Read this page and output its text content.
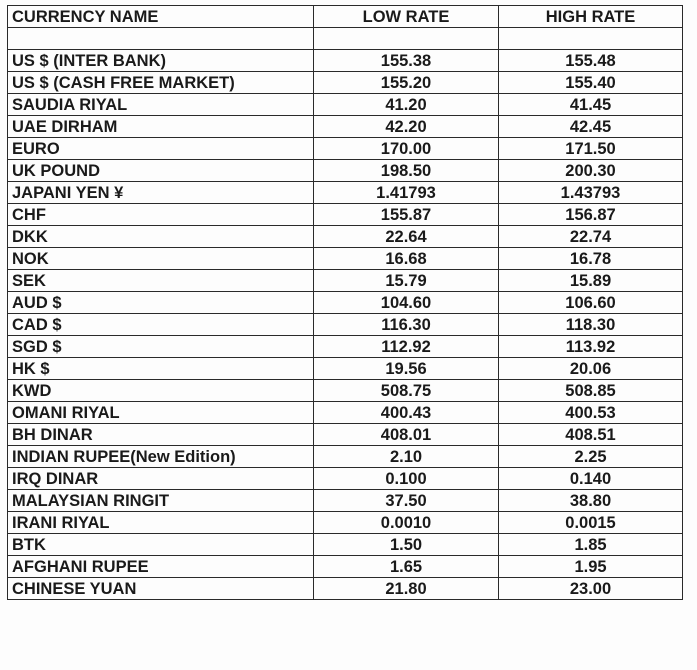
CURRENCY NAME	LOW RATE	HIGH RATE

US $ (INTER BANK)	155.38	155.48
US $ (CASH FREE MARKET)	155.20	155.40
SAUDIA RIYAL	41.20	41.45
UAE DIRHAM	42.20	42.45
EURO	170.00	171.50
UK POUND	198.50	200.30
JAPANI YEN ¥	1.41793	1.43793
CHF	155.87	156.87
DKK	22.64	22.74
NOK	16.68	16.78
SEK	15.79	15.89
AUD $	104.60	106.60
CAD $	116.30	118.30
SGD $	112.92	113.92
HK $	19.56	20.06
KWD	508.75	508.85
OMANI RIYAL	400.43	400.53
BH DINAR	408.01	408.51
INDIAN RUPEE(New Edition)	2.10	2.25
IRQ DINAR	0.100	0.140
MALAYSIAN RINGIT	37.50	38.80
IRANI RIYAL	0.0010	0.0015
BTK	1.50	1.85
AFGHANI RUPEE	1.65	1.95
CHINESE YUAN	21.80	23.00
